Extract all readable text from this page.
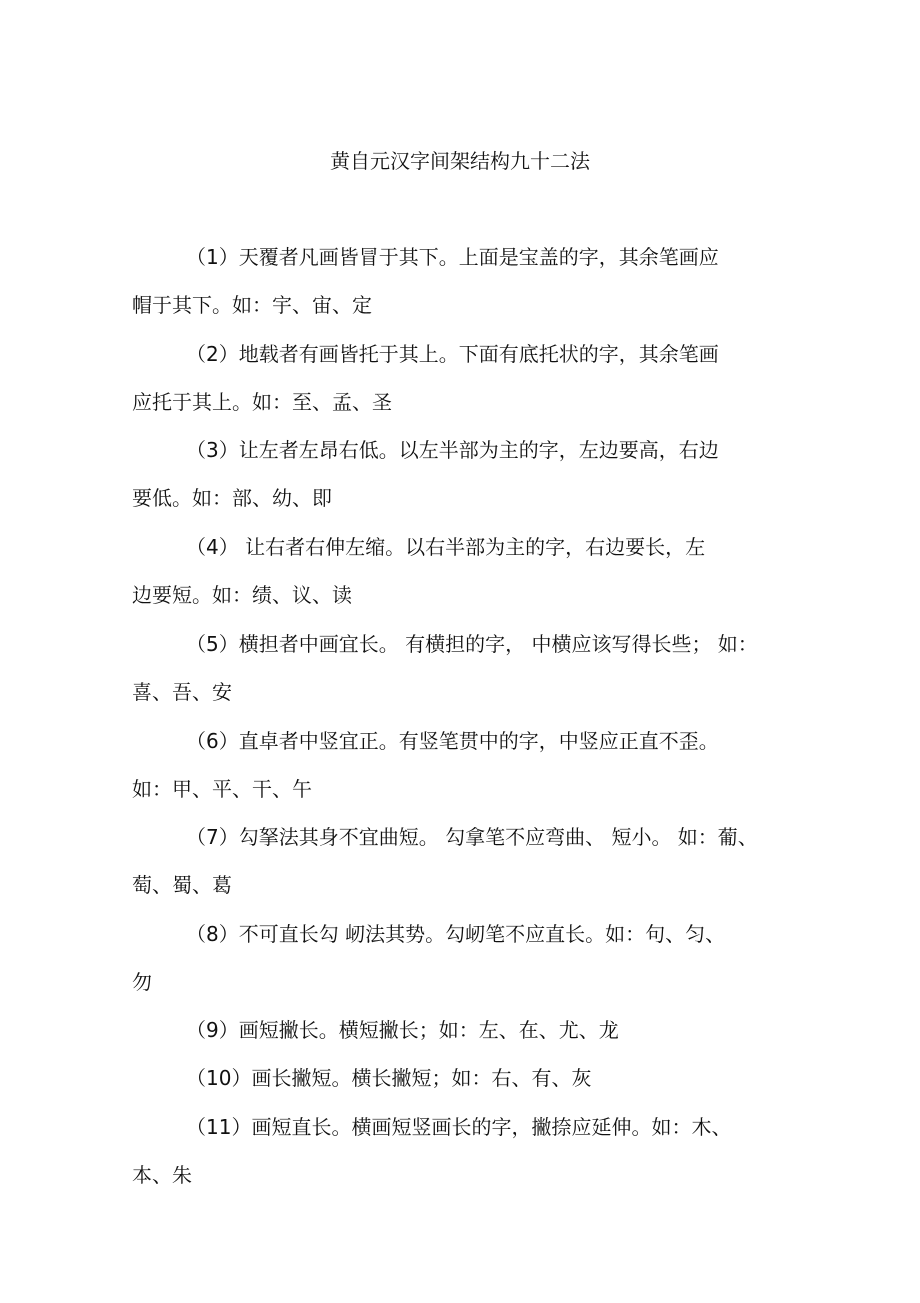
黄自元汉字间架结构九十二法
（1）天覆者凡画皆冒于其下。上面是宝盖的字，其余笔画应
帽于其下。如：宇、宙、定
（2）地载者有画皆托于其上。下面有底托状的字，其余笔画
应托于其上。如：至、孟、圣
（3）让左者左昂右低。以左半部为主的字，左边要高，右边
要低。如：部、幼、即
（4） 让右者右伸左缩。以右半部为主的字，右边要长，左
边要短。如：绩、议、读
（5）横担者中画宜长。 有横担的字， 中横应该写得长些； 如：
喜、吾、安
（6）直卓者中竖宜正。有竖笔贯中的字，中竖应正直不歪。
如：甲、平、干、午
（7）勾拏法其身不宜曲短。 勾拿笔不应弯曲、 短小。 如：葡、
萄、蜀、葛
（8）不可直长勾 屻法其势。勾屻笔不应直长。如：句、匀、
勿
（9）画短撇长。横短撇长；如：左、在、尤、龙
（10）画长撇短。横长撇短；如：右、有、灰
（11）画短直长。横画短竖画长的字，撇捺应延伸。如：木、
本、朱
